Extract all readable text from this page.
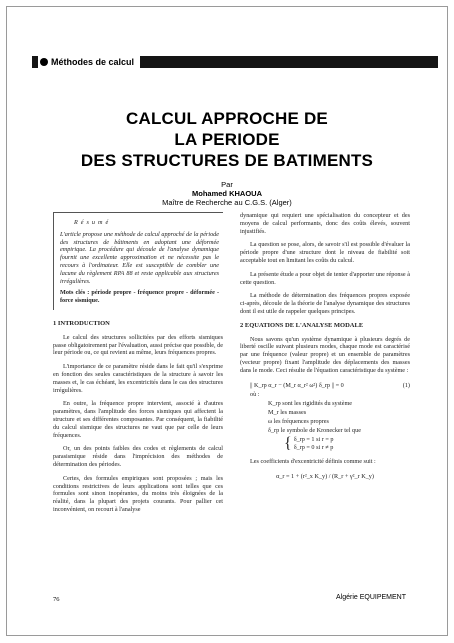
Méthodes de calcul
CALCUL APPROCHE DE
LA PERIODE
DES STRUCTURES DE BATIMENTS
Par
Mohamed KHAOUA
Maître de Recherche au C.G.S. (Alger)
Résumé
L'article propose une méthode de calcul approché de la période des structures de bâtiments en adoptant une déformée empirique. La procédure qui découle de l'analyse dynamique fournit une excellente approximation et ne nécessite pas le recours à l'ordinateur. Elle est susceptible de combler une lacune du règlement RPA 88 et reste applicable aux structures irrégulières.
Mots clés : période propre - fréquence propre - déformée - force sismique.
1 INTRODUCTION

Le calcul des structures sollicitées par des efforts sismiques passe obligatoirement par l'évaluation, aussi précise que possible, de leur période ou, ce qui revient au même, leurs fréquences propres.

L'importance de ce paramètre réside dans le fait qu'il s'exprime en fonction des seules caractéristiques de la structure à savoir les masses et, le cas échéant, les excentricités dans le cas des structures irrégulières.

En outre, la fréquence propre intervient, associé à d'autres paramètres, dans l'amplitude des forces sismiques qui affectent la structure et ses différentes composantes. Par conséquent, la fiabilité du calcul sismique des structures ne vaut que par celle de leurs fréquences.

Or, un des points faibles des codes et règlements de calcul parasismique réside dans l'imprécision des méthodes de détermination des périodes.

Certes, des formules empiriques sont proposées ; mais les conditions restrictives de leurs applications sont telles que ces formules sont sinon inopérantes, du moins très éloignées de la réalité, dans la plupart des projets courants. Pour pallier cet inconvénient, on recourt à l'analyse

dynamique qui requiert une spécialisation du concepteur et des moyens de calcul performants, donc des coûts élevés, souvent injustifiés.

La question se pose, alors, de savoir s'il est possible d'évaluer la période propre d'une structure dont le niveau de fiabilité soit acceptable tout en limitant les coûts du calcul.

La présente étude a pour objet de tenter d'apporter une réponse à cette question.

La méthode de détermination des fréquences propres exposée ci-après, découle de la théorie de l'analyse dynamique des structures dont il est utile de rappeler quelques principes.

2 EQUATIONS DE L'ANALYSE MODALE

Nous savons qu'un système dynamique à plusieurs degrés de liberté oscille suivant plusieurs modes, chaque mode est caractérisé par une fréquence (valeur propre) et un ensemble de paramètres (vecteur propre) fixant l'amplitude des déplacements des masses dans le mode. Ceci résulte de l'équation caractéristique du système :

|| K_rp α_r − (M_r α_r² ω²) δ_rp || = 0	(1)
où :
K_rp sont les rigidités du système
M_r les masses
ω les fréquences propres
δ_rp le symbole de Kronecker tel que
{ δ_rp = 1 si r = p
δ_rp = 0 si r ≠ p
Les coefficients d'excentricité définis comme suit :
α_r = 1 + (r²_x K_y) / (R_r + γ²_r K_y)
76	Algérie EQUIPEMENT
